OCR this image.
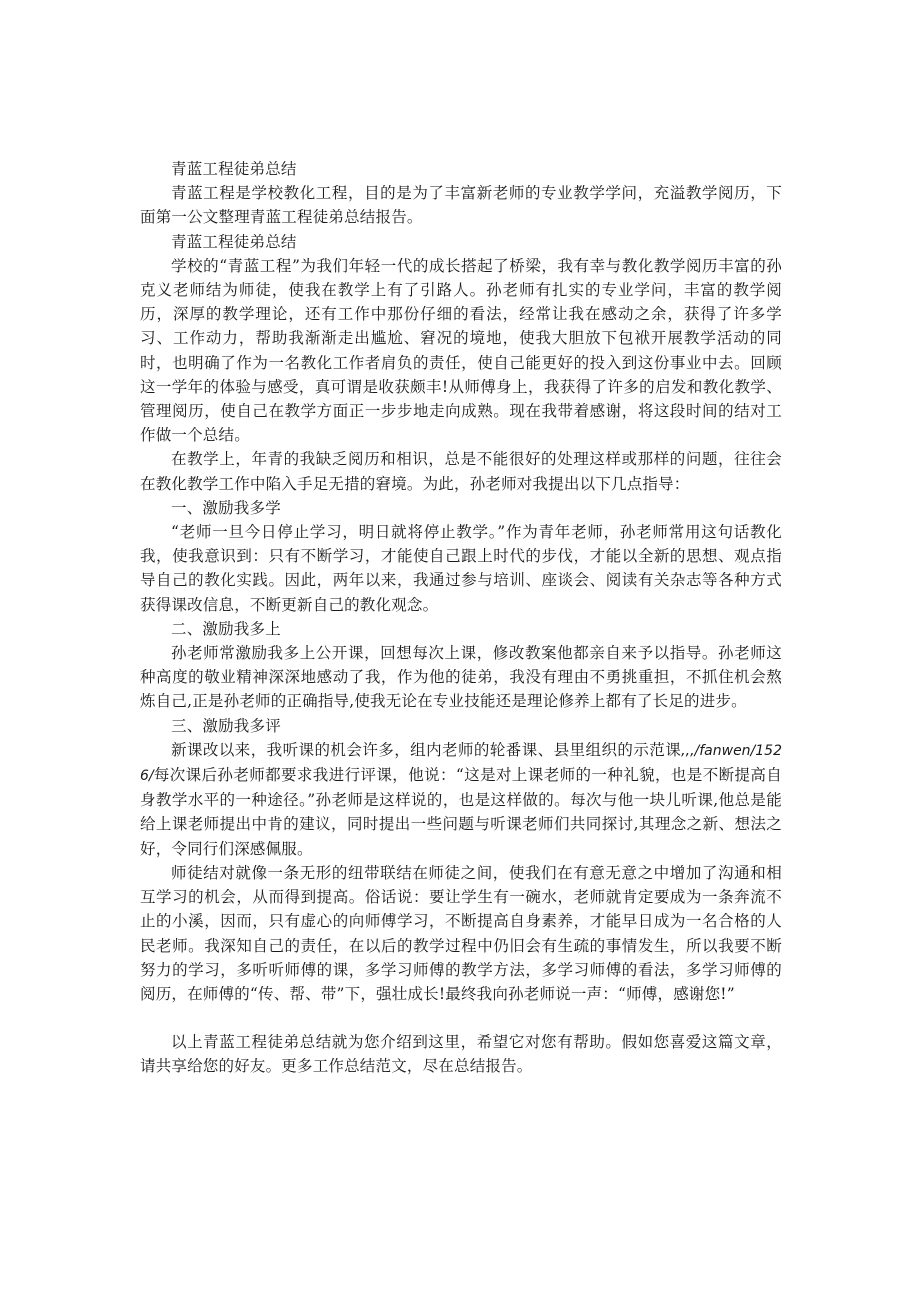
青蓝工程徒弟总结

青蓝工程是学校教化工程，目的是为了丰富新老师的专业教学学问，充溢教学阅历，下面第一公文整理青蓝工程徒弟总结报告。

青蓝工程徒弟总结

学校的“青蓝工程”为我们年轻一代的成长搭起了桥梁，我有幸与教化教学阅历丰富的孙克义老师结为师徒，使我在教学上有了引路人。孙老师有扎实的专业学问，丰富的教学阅历，深厚的教学理论，还有工作中那份仔细的看法，经常让我在感动之余，获得了许多学习、工作动力，帮助我渐渐走出尴尬、窘况的境地，使我大胆放下包袱开展教学活动的同时，也明确了作为一名教化工作者肩负的责任，使自己能更好的投入到这份事业中去。回顾这一学年的体验与感受，真可谓是收获颇丰!从师傅身上，我获得了许多的启发和教化教学、管理阅历，使自己在教学方面正一步步地走向成熟。现在我带着感谢，将这段时间的结对工作做一个总结。

在教学上，年青的我缺乏阅历和相识，总是不能很好的处理这样或那样的问题，往往会在教化教学工作中陷入手足无措的窘境。为此，孙老师对我提出以下几点指导：

一、激励我多学

“老师一旦今日停止学习，明日就将停止教学。”作为青年老师，孙老师常用这句话教化我，使我意识到：只有不断学习，才能使自己跟上时代的步伐，才能以全新的思想、观点指导自己的教化实践。因此，两年以来，我通过参与培训、座谈会、阅读有关杂志等各种方式获得课改信息，不断更新自己的教化观念。

二、激励我多上

孙老师常激励我多上公开课，回想每次上课，修改教案他都亲自来予以指导。孙老师这种高度的敬业精神深深地感动了我，作为他的徒弟，我没有理由不勇挑重担，不抓住机会熬炼自己,正是孙老师的正确指导,使我无论在专业技能还是理论修养上都有了长足的进步。

三、激励我多评

新课改以来，我听课的机会许多，组内老师的轮番课、县里组织的示范课,,,/fanwen/1526/每次课后孙老师都要求我进行评课，他说：“这是对上课老师的一种礼貌，也是不断提高自身教学水平的一种途径。”孙老师是这样说的，也是这样做的。每次与他一块儿听课,他总是能给上课老师提出中肯的建议，同时提出一些问题与听课老师们共同探讨,其理念之新、想法之好，令同行们深感佩服。

师徒结对就像一条无形的纽带联结在师徒之间，使我们在有意无意之中增加了沟通和相互学习的机会，从而得到提高。俗话说：要让学生有一碗水，老师就肯定要成为一条奔流不止的小溪，因而，只有虚心的向师傅学习，不断提高自身素养，才能早日成为一名合格的人民老师。我深知自己的责任，在以后的教学过程中仍旧会有生疏的事情发生，所以我要不断努力的学习，多听听师傅的课，多学习师傅的教学方法，多学习师傅的看法，多学习师傅的阅历，在师傅的“传、帮、带”下，强壮成长!最终我向孙老师说一声：“师傅，感谢您!”

以上青蓝工程徒弟总结就为您介绍到这里，希望它对您有帮助。假如您喜爱这篇文章，请共享给您的好友。更多工作总结范文，尽在总结报告。
